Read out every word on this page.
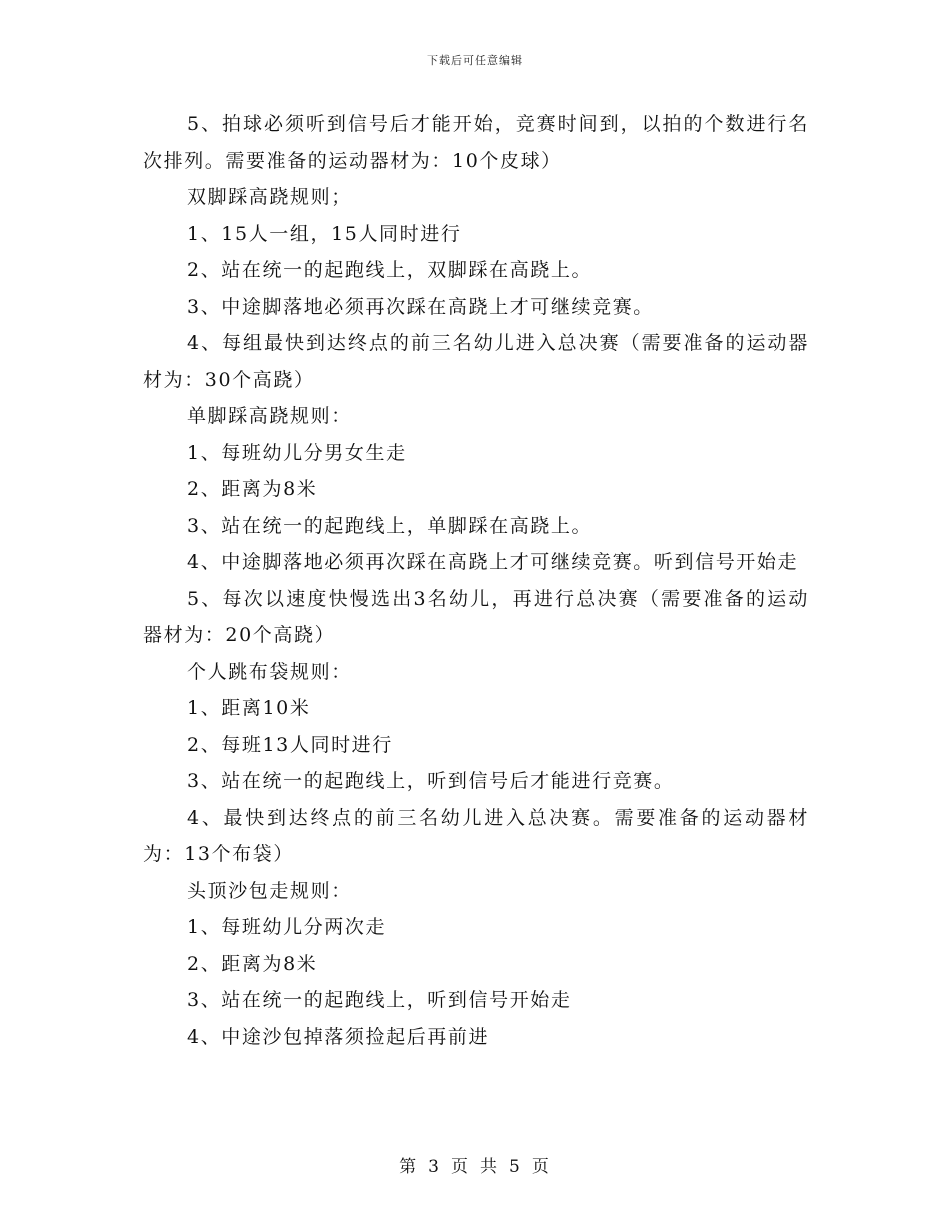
下载后可任意编辑

5、拍球必须听到信号后才能开始，竞赛时间到，以拍的个数进行名次排列。需要准备的运动器材为：10个皮球）

双脚踩高跷规则；

1、15人一组，15人同时进行

2、站在统一的起跑线上，双脚踩在高跷上。

3、中途脚落地必须再次踩在高跷上才可继续竞赛。

4、每组最快到达终点的前三名幼儿进入总决赛（需要准备的运动器材为：30个高跷）

单脚踩高跷规则：

1、每班幼儿分男女生走

2、距离为8米

3、站在统一的起跑线上，单脚踩在高跷上。

4、中途脚落地必须再次踩在高跷上才可继续竞赛。听到信号开始走

5、每次以速度快慢选出3名幼儿，再进行总决赛（需要准备的运动器材为：20个高跷）

个人跳布袋规则：

1、距离10米

2、每班13人同时进行

3、站在统一的起跑线上，听到信号后才能进行竞赛。

4、最快到达终点的前三名幼儿进入总决赛。需要准备的运动器材为：13个布袋）

头顶沙包走规则：

1、每班幼儿分两次走

2、距离为8米

3、站在统一的起跑线上，听到信号开始走

4、中途沙包掉落须捡起后再前进

第 3 页 共 5 页
